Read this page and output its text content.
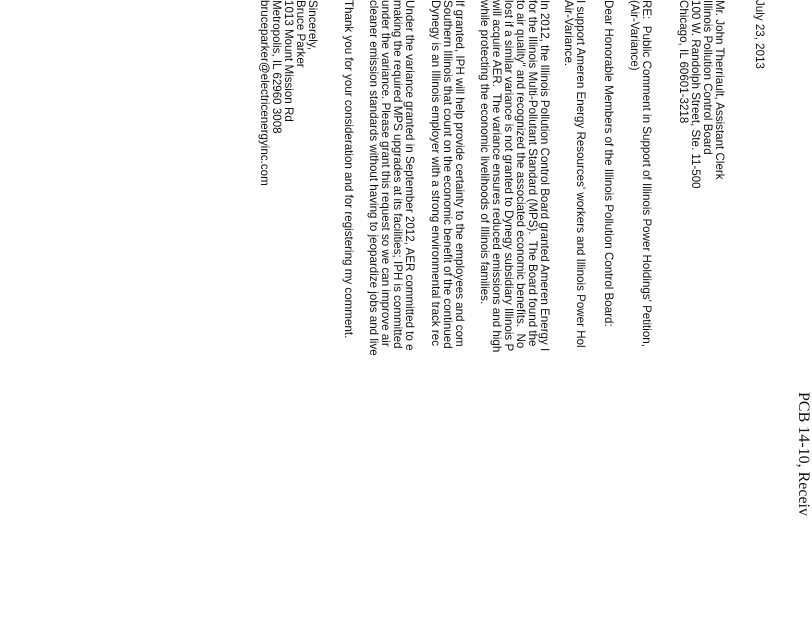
PCB 14-10, Receiv
July 23, 2013
Mr. John Therriault, Assistant Clerk
Illinois Pollution Control Board
100 W. Randolph Street, Ste. 11-500
Chicago, IL 60601-3218
RE:  Public Comment in Support of Illinois Power Holdings' Petition,
(Air-Variance)
Dear Honorable Members of the Illinois Pollution Control Board:
I support Ameren Energy Resources' workers and Illinois Power Hol
Air-Variance.
In 2012, the Illinois Pollution Control Board granted Ameren Energy I
for the Illinois Multi-Pollutant Standard (MPS).  The Board found the
to air quality" and recognized the associated economic benefits.  No
lost if a similar variance is not granted to Dynegy subsidiary Illinois P
will acquire AER.  The variance ensures reduced emissions and high
while protecting the economic livelihoods of Illinois families.
If granted, IPH will help provide certainty to the employees and com
Southern Illinois that count on the economic benefit of the continued
Dynegy is an Illinois employer with a strong environmental track rec
Under the variance granted in September 2012, AER committed to e
making the required MPS upgrades at its facilities; IPH is committed
under the variance. Please grant this request so we can improve air
cleaner emission standards without having to jeopardize jobs and live
Thank you for your consideration and for registering my comment.
Sincerely,
Bruce Parker
1013 Mount Mission Rd
Metropolis, IL 62960 3008
bruceparker@electricenergyinc.com
